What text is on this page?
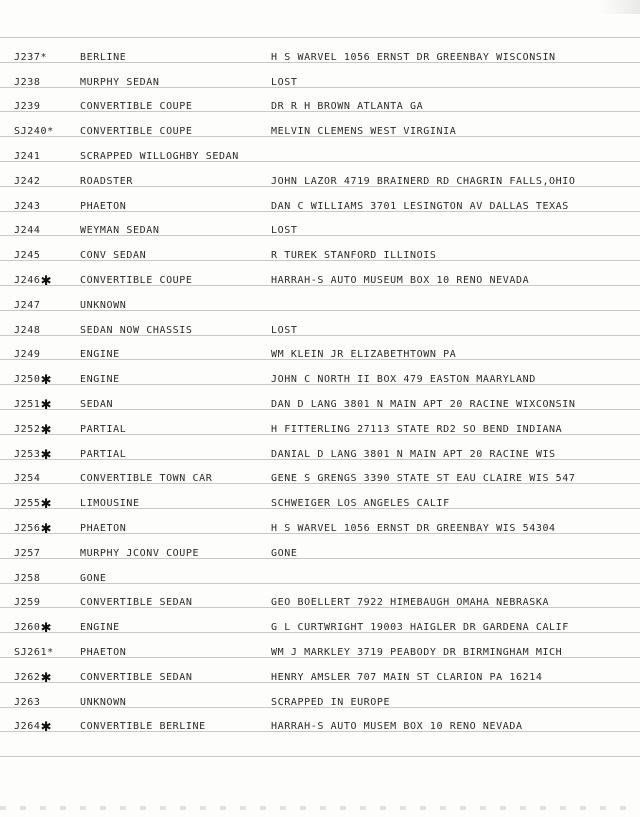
J237*	BERLINE	H S WARVEL 1056 ERNST DR GREENBAY WISCONSIN
J238	MURPHY SEDAN	LOST
J239	CONVERTIBLE COUPE	DR R H BROWN ATLANTA GA
SJ240*	CONVERTIBLE COUPE	MELVIN CLEMENS WEST VIRGINIA
J241	SCRAPPED WILLOGHBY SEDAN
J242	ROADSTER	JOHN LAZOR 4719 BRAINERD RD CHAGRIN FALLS,OHIO
J243	PHAETON	DAN C WILLIAMS 3701 LESINGTON AV DALLAS TEXAS
J244	WEYMAN SEDAN	LOST
J245	CONV SEDAN	R TUREK STANFORD ILLINOIS
J246 ✱	CONVERTIBLE COUPE	HARRAH-S AUTO MUSEUM BOX 10 RENO NEVADA
J247	UNKNOWN
J248	SEDAN NOW CHASSIS	LOST
J249	ENGINE	WM KLEIN JR ELIZABETHTOWN PA
J250 ✱	ENGINE	JOHN C NORTH II BOX 479 EASTON MAARYLAND
J251 ✱	SEDAN	DAN D LANG 3801 N MAIN APT 20 RACINE WIXCONSIN
J252 ✱	PARTIAL	H FITTERLING 27113 STATE RD2 SO BEND INDIANA
J253 ✱	PARTIAL	DANIAL D LANG 3801 N MAIN APT 20 RACINE WIS
J254	CONVERTIBLE TOWN CAR	GENE S GRENGS 3390 STATE ST EAU CLAIRE WIS 547
J255 ✱	LIMOUSINE	SCHWEIGER LOS ANGELES CALIF
J256 ✱	PHAETON	H S WARVEL 1056 ERNST DR GREENBAY WIS 54304
J257	MURPHY JCONV COUPE	GONE
J258	GONE
J259	CONVERTIBLE SEDAN	GEO BOELLERT 7922 HIMEBAUGH OMAHA NEBRASKA
J260 ✱	ENGINE	G L CURTWRIGHT 19003 HAIGLER DR GARDENA CALIF
SJ261*	PHAETON	WM J MARKLEY 3719 PEABODY DR BIRMINGHAM MICH
J262 ✱	CONVERTIBLE SEDAN	HENRY AMSLER 707 MAIN ST CLARION PA 16214
J263	UNKNOWN	SCRAPPED IN EUROPE
J264 ✱	CONVERTIBLE BERLINE	HARRAH-S AUTO MUSEM BOX 10 RENO NEVADA
